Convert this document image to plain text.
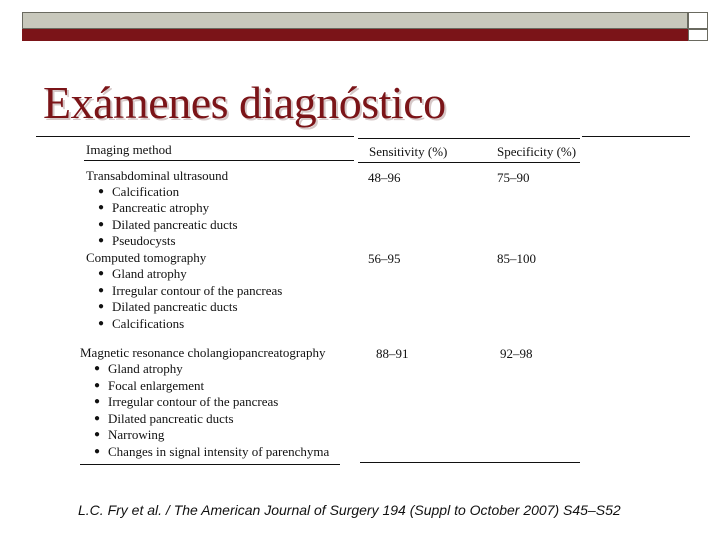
Exámenes diagnóstico
Imaging method	Sensitivity (%)	Specificity (%)
Transabdominal ultrasound	48–96	75–90
● Calcification
● Pancreatic atrophy
● Dilated pancreatic ducts
● Pseudocysts
Computed tomography	56–95	85–100
● Gland atrophy
● Irregular contour of the pancreas
● Dilated pancreatic ducts
● Calcifications
Magnetic resonance cholangiopancreatography	88–91	92–98
● Gland atrophy
● Focal enlargement
● Irregular contour of the pancreas
● Dilated pancreatic ducts
● Narrowing
● Changes in signal intensity of parenchyma

L.C. Fry et al. / The American Journal of Surgery 194 (Suppl to October 2007) S45–S52
